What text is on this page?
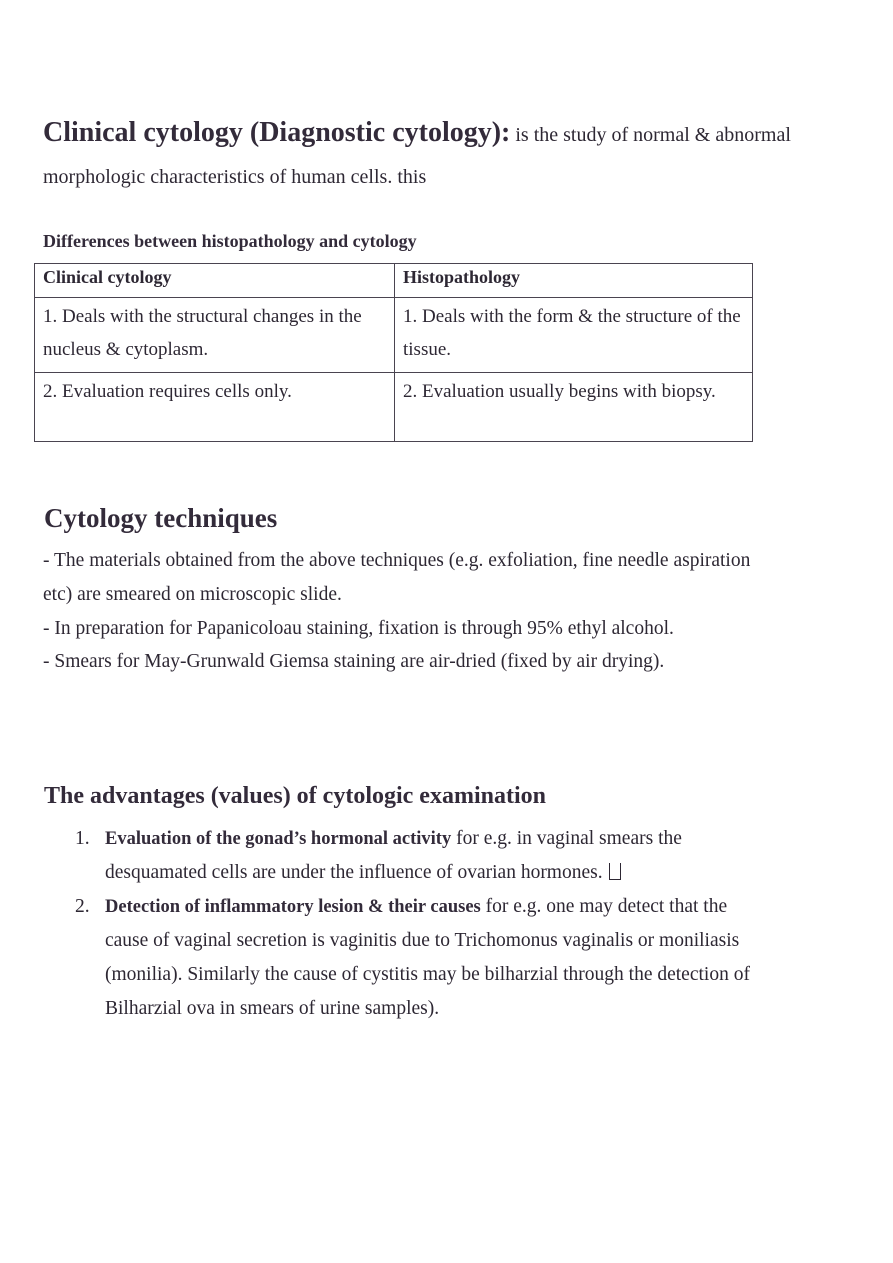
Clinical cytology (Diagnostic cytology): is the study of normal & abnormal morphologic characteristics of human cells. this
Differences between histopathology and cytology
Clinical cytology	Histopathology
1. Deals with the structural changes in the nucleus & cytoplasm.	1. Deals with the form & the structure of the tissue.
2. Evaluation requires cells only.	2. Evaluation usually begins with biopsy.
Cytology techniques

- The materials obtained from the above techniques (e.g. exfoliation, fine needle aspiration etc) are smeared on microscopic slide.

- In preparation for Papanicoloau staining, fixation is through 95% ethyl alcohol.

- Smears for May-Grunwald Giemsa staining are air-dried (fixed by air drying).

The advantages (values) of cytologic examination

1. Evaluation of the gonad’s hormonal activity for e.g. in vaginal smears the desquamated cells are under the influence of ovarian hormones.

2. Detection of inflammatory lesion & their causes for e.g. one may detect that the cause of vaginal secretion is vaginitis due to Trichomonus vaginalis or moniliasis (monilia). Similarly the cause of cystitis may be bilharzial through the detection of Bilharzial ova in smears of urine samples).
